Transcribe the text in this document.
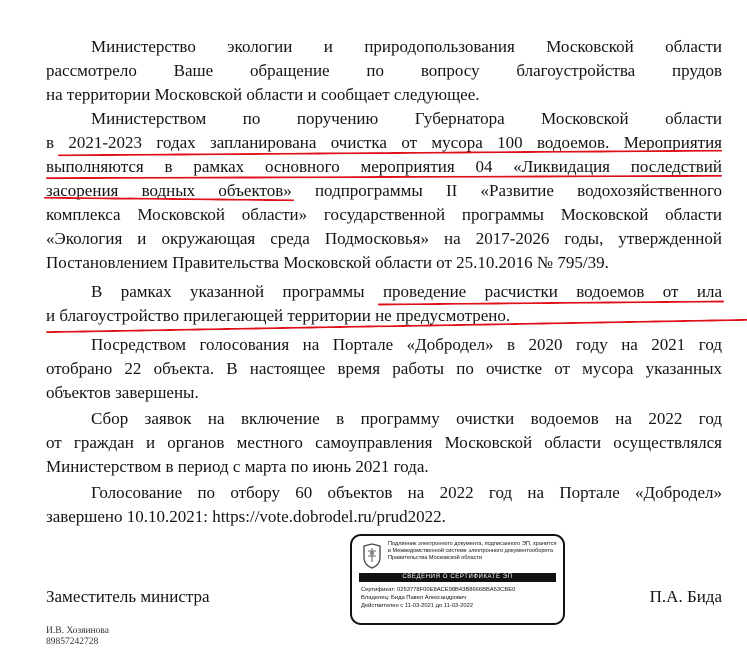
Министерство экологии и природопользования Московской области
рассмотрело Ваше обращение по вопросу благоустройства прудов
на территории Московской области и сообщает следующее.
Министерством по поручению Губернатора Московской области
в 2021-2023 годах запланирована очистка от мусора 100 водоемов. Мероприятия
выполняются в рамках основного мероприятия 04 «Ликвидация последствий
засорения водных объектов» подпрограммы II «Развитие водохозяйственного
комплекса Московской области» государственной программы Московской области
«Экология и окружающая среда Подмосковья» на 2017-2026 годы, утвержденной
Постановлением Правительства Московской области от 25.10.2016 № 795/39.
В рамках указанной программы проведение расчистки водоемов от ила
и благоустройство прилегающей территории не предусмотрено.
Посредством голосования на Портале «Добродел» в 2020 году на 2021 год
отобрано 22 объекта. В настоящее время работы по очистке от мусора указанных
объектов завершены.
Сбор заявок на включение в программу очистки водоемов на 2022 год
от граждан и органов местного самоуправления Московской области осуществлялся
Министерством в период с марта по июнь 2021 года.
Голосование по отбору 60 объектов на 2022 год на Портале «Добродел»
завершено 10.10.2021: https://vote.dobrodel.ru/prud2022.
Заместитель министра	П.А. Бида
Подлинник электронного документа, подписанного ЭП, хранится в Межведомственной системе электронного документооборота Правительства Московской области
СВЕДЕНИЯ О СЕРТИФИКАТЕ ЭП
Сертификат: 0253778F00E8ACE98B43B8666BBA53CBE0
Владелец: Бида Павел Александрович
Действителен с 11-03-2021 до 11-03-2022
И.В. Хозяинова
89857242728
